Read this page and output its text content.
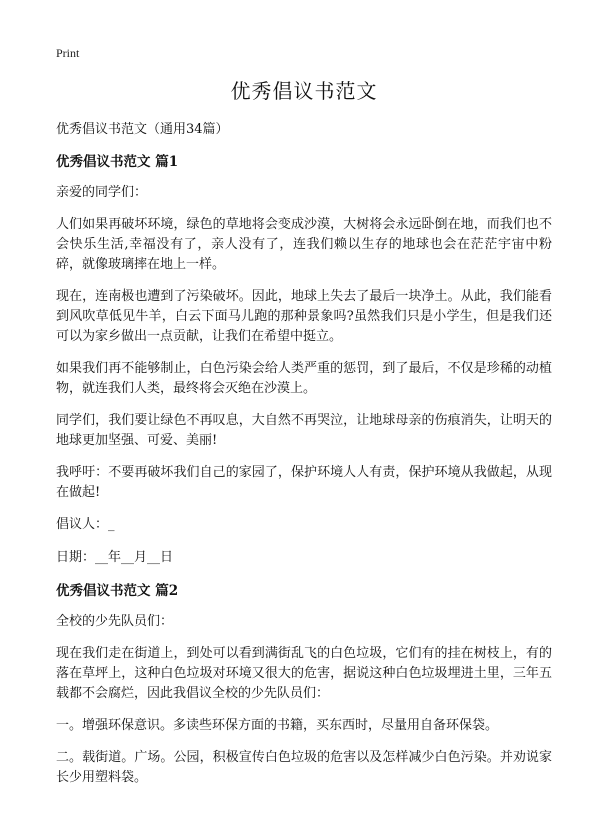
Print
优秀倡议书范文

优秀倡议书范文（通用34篇）

优秀倡议书范文 篇1

亲爱的同学们：

人们如果再破坏环境，绿色的草地将会变成沙漠，大树将会永远卧倒在地，而我们也不会快乐生活,幸福没有了，亲人没有了，连我们赖以生存的地球也会在茫茫宇宙中粉碎，就像玻璃摔在地上一样。

现在，连南极也遭到了污染破坏。因此，地球上失去了最后一块净土。从此，我们能看到风吹草低见牛羊，白云下面马儿跑的那种景象吗?虽然我们只是小学生，但是我们还可以为家乡做出一点贡献，让我们在希望中挺立。

如果我们再不能够制止，白色污染会给人类严重的惩罚，到了最后，不仅是珍稀的动植物，就连我们人类，最终将会灭绝在沙漠上。

同学们，我们要让绿色不再叹息，大自然不再哭泣，让地球母亲的伤痕消失，让明天的地球更加坚强、可爱、美丽!

我呼吁：不要再破坏我们自己的家园了，保护环境人人有责，保护环境从我做起，从现在做起!

倡议人：_

日期：__年__月__日

优秀倡议书范文 篇2

全校的少先队员们：

现在我们走在街道上，到处可以看到满街乱飞的白色垃圾，它们有的挂在树枝上，有的落在草坪上，这种白色垃圾对环境又很大的危害，据说这种白色垃圾埋进土里，三年五载都不会腐烂，因此我倡议全校的少先队员们：

一。增强环保意识。多读些环保方面的书籍，买东西时，尽量用自备环保袋。

二。载街道。广场。公园，积极宣传白色垃圾的危害以及怎样减少白色污染。并劝说家长少用塑料袋。
